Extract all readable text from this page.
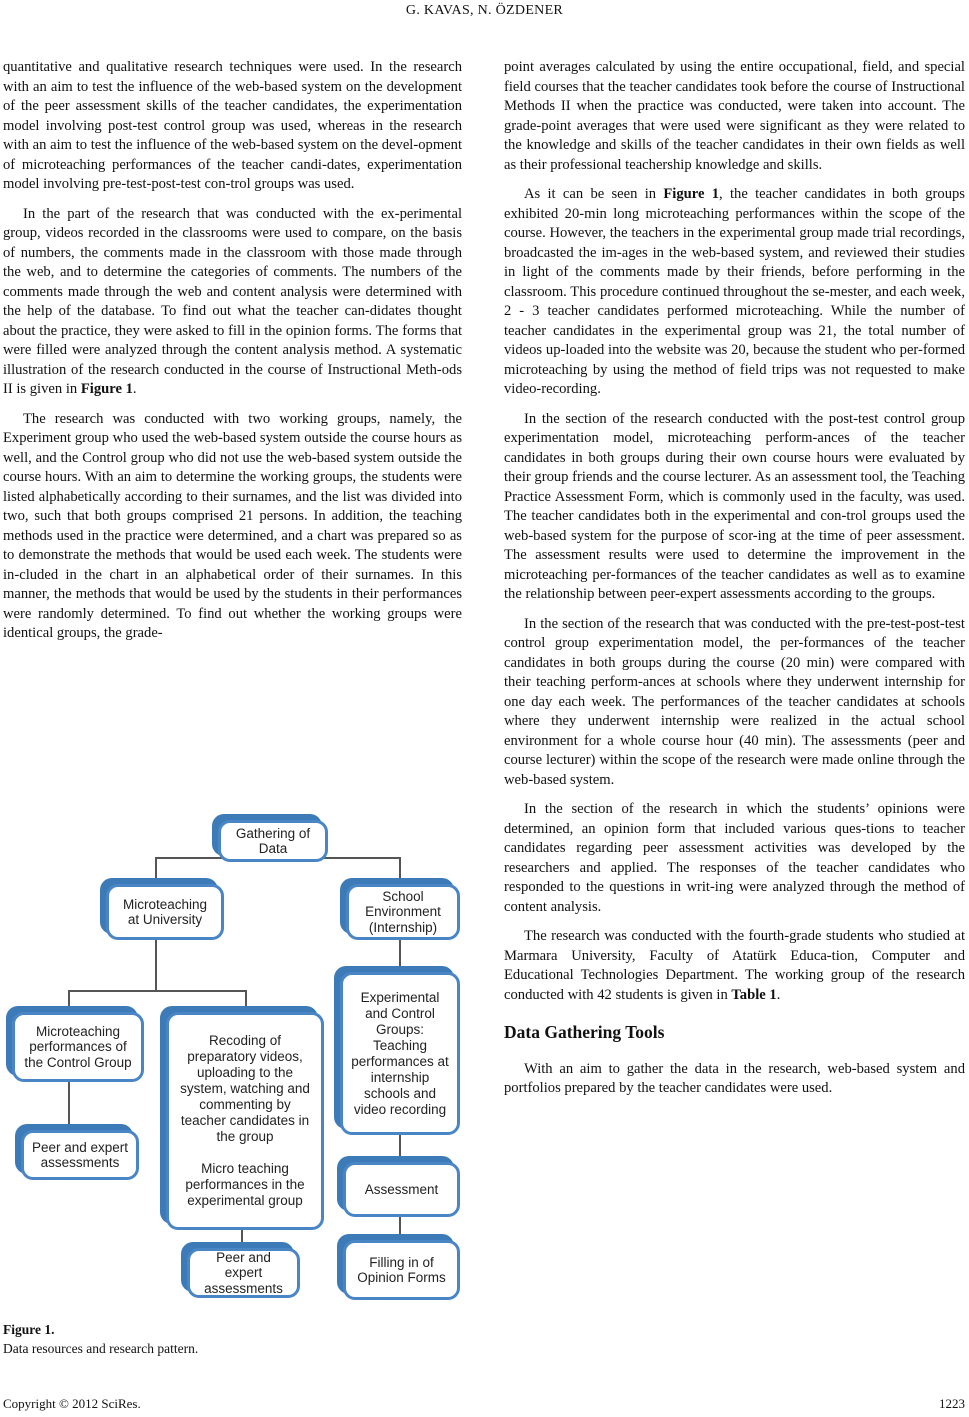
G. KAVAS, N. ÖZDENER

quantitative and qualitative research techniques were used. In the research with an aim to test the influence of the web-based system on the development of the peer assessment skills of the teacher candidates, the experimentation model involving post-test control group was used, whereas in the research with an aim to test the influence of the web-based system on the devel-opment of microteaching performances of the teacher candi-dates, experimentation model involving pre-test-post-test con-trol groups was used.

In the part of the research that was conducted with the ex-perimental group, videos recorded in the classrooms were used to compare, on the basis of numbers, the comments made in the classroom with those made through the web, and to determine the categories of comments. The numbers of the comments made through the web and content analysis were determined with the help of the database. To find out what the teacher can-didates thought about the practice, they were asked to fill in the opinion forms. The forms that were filled were analyzed through the content analysis method. A systematic illustration of the research conducted in the course of Instructional Meth-ods II is given in Figure 1.

The research was conducted with two working groups, namely, the Experiment group who used the web-based system outside the course hours as well, and the Control group who did not use the web-based system outside the course hours. With an aim to determine the working groups, the students were listed alphabetically according to their surnames, and the list was divided into two, such that both groups comprised 21 persons. In addition, the teaching methods used in the practice were determined, and a chart was prepared so as to demonstrate the methods that would be used each week. The students were in-cluded in the chart in an alphabetical order of their surnames. In this manner, the methods that would be used by the students in their performances were randomly determined. To find out whether the working groups were identical groups, the grade-

Gathering of
Data
Microteaching
at University
School
Environment
(Internship)
Microteaching
performances of
the Control Group
Recoding of
preparatory videos,
uploading to the
system, watching and
commenting by
teacher candidates in
the group

Micro teaching
performances in the
experimental group
Experimental
and Control
Groups:
Teaching
performances at
internship
schools and
video recording
Peer and expert
assessments
Assessment
Peer and expert
assessments
Filling in of
Opinion Forms
Figure 1.
Data resources and research pattern.

point averages calculated by using the entire occupational, field, and special field courses that the teacher candidates took before the course of Instructional Methods II when the practice was conducted, were taken into account. The grade-point averages that were used were significant as they were related to the knowledge and skills of the teacher candidates in their own fields as well as their professional teachership knowledge and skills.

As it can be seen in Figure 1, the teacher candidates in both groups exhibited 20-min long microteaching performances within the scope of the course. However, the teachers in the experimental group made trial recordings, broadcasted the im-ages in the web-based system, and reviewed their studies in light of the comments made by their friends, before performing in the classroom. This procedure continued throughout the se-mester, and each week, 2 - 3 teacher candidates performed microteaching. While the number of teacher candidates in the experimental group was 21, the total number of videos up-loaded into the website was 20, because the student who per-formed microteaching by using the method of field trips was not requested to make video-recording.

In the section of the research conducted with the post-test control group experimentation model, microteaching perform-ances of the teacher candidates in both groups during their own course hours were evaluated by their group friends and the course lecturer. As an assessment tool, the Teaching Practice Assessment Form, which is commonly used in the faculty, was used. The teacher candidates both in the experimental and con-trol groups used the web-based system for the purpose of scor-ing at the time of peer assessment. The assessment results were used to determine the improvement in the microteaching per-formances of the teacher candidates as well as to examine the relationship between peer-expert assessments according to the groups.

In the section of the research that was conducted with the pre-test-post-test control group experimentation model, the per-formances of the teacher candidates in both groups during the course (20 min) were compared with their teaching perform-ances at schools where they underwent internship for one day each week. The performances of the teacher candidates at schools where they underwent internship were realized in the actual school environment for a whole course hour (40 min). The assessments (peer and course lecturer) within the scope of the research were made online through the web-based system.

In the section of the research in which the students’ opinions were determined, an opinion form that included various ques-tions to teacher candidates regarding peer assessment activities was developed by the researchers and applied. The responses of the teacher candidates who responded to the questions in writ-ing were analyzed through the method of content analysis.

The research was conducted with the fourth-grade students who studied at Marmara University, Faculty of Atatürk Educa-tion, Computer and Educational Technologies Department. The working group of the research conducted with 42 students is given in Table 1.

Data Gathering Tools

With an aim to gather the data in the research, web-based system and portfolios prepared by the teacher candidates were used.

Copyright © 2012 SciRes.	1223
